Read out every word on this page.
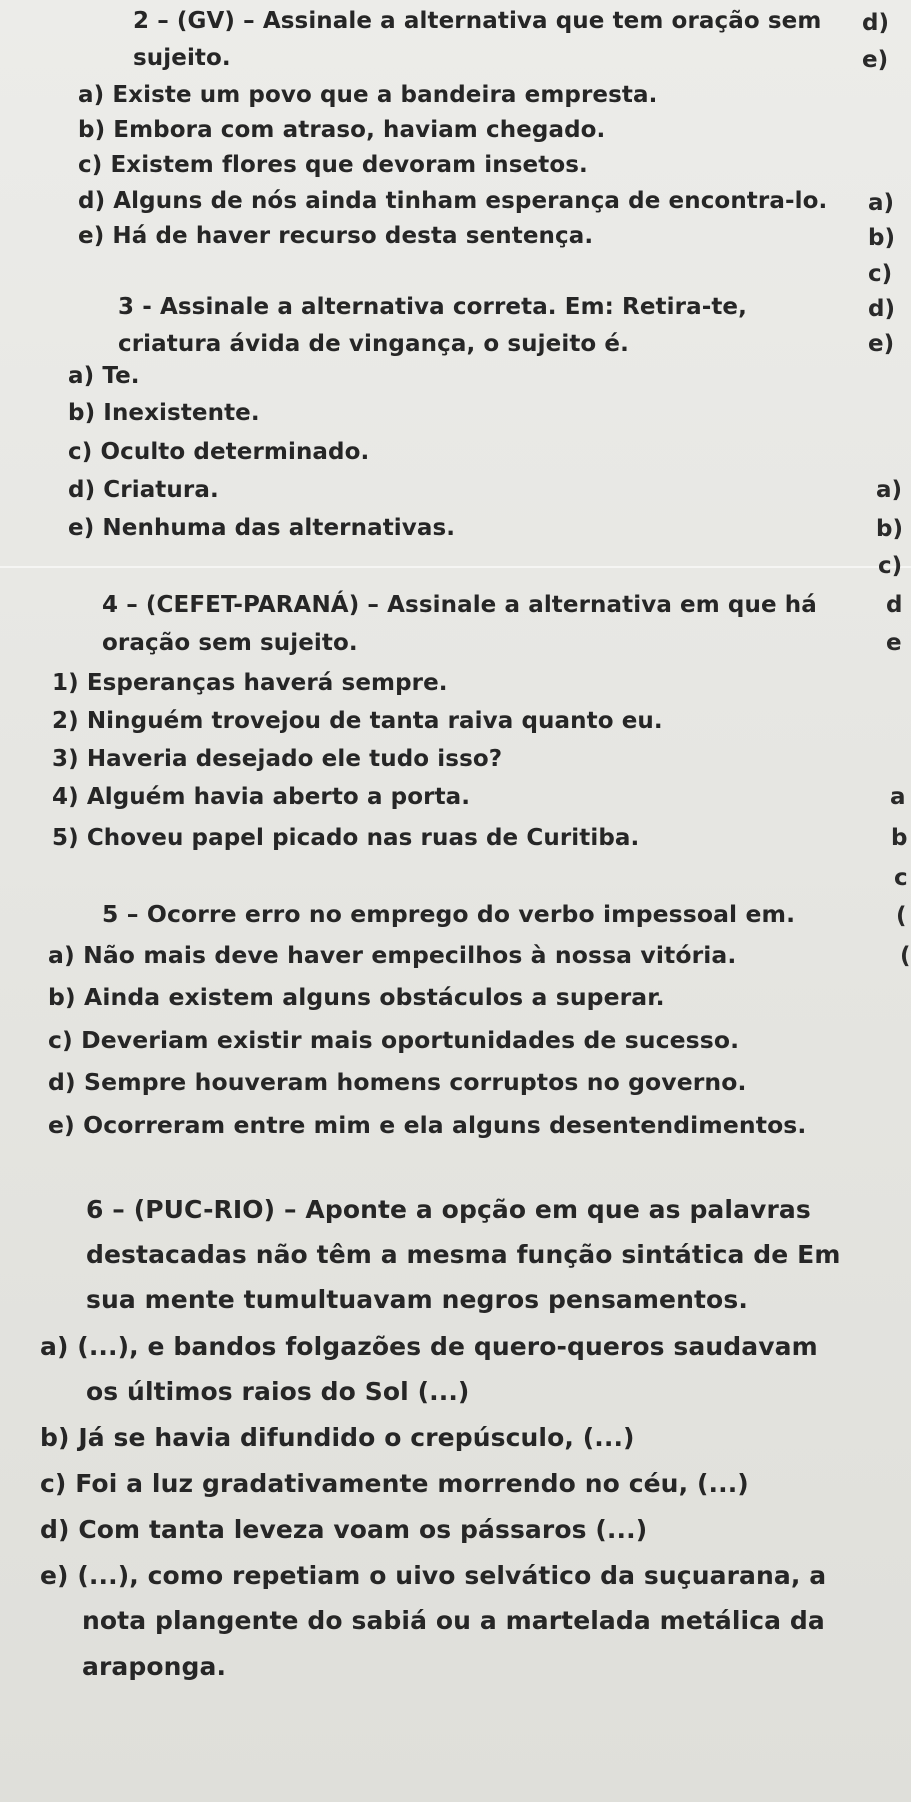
2 – (GV) – Assinale a alternativa que tem oração sem
sujeito.
a) Existe um povo que a bandeira empresta.
b) Embora com atraso, haviam chegado.
c) Existem flores que devoram insetos.
d) Alguns de nós ainda tinham esperança de encontra-lo.
e) Há de haver recurso desta sentença.
3 - Assinale a alternativa correta. Em: Retira-te,
criatura ávida de vingança, o sujeito é.
a) Te.
b) Inexistente.
c) Oculto determinado.
d) Criatura.
e) Nenhuma das alternativas.
4 – (CEFET-PARANÁ) – Assinale a alternativa em que há
oração sem sujeito.
1) Esperanças haverá sempre.
2) Ninguém trovejou de tanta raiva quanto eu.
3) Haveria desejado ele tudo isso?
4) Alguém havia aberto a porta.
5) Choveu papel picado nas ruas de Curitiba.
5 – Ocorre erro no emprego do verbo impessoal em.
a) Não mais deve haver empecilhos à nossa vitória.
b) Ainda existem alguns obstáculos a superar.
c) Deveriam existir mais oportunidades de sucesso.
d) Sempre houveram homens corruptos no governo.
e) Ocorreram entre mim e ela alguns desentendimentos.
6 – (PUC-RIO) – Aponte a opção em que as palavras
destacadas não têm a mesma função sintática de Em
sua mente tumultuavam negros pensamentos.
a) (...), e bandos folgazões de quero-queros saudavam
os últimos raios do Sol (...)
b) Já se havia difundido o crepúsculo, (...)
c) Foi a luz gradativamente morrendo no céu, (...)
d) Com tanta leveza voam os pássaros (...)
e) (...), como repetiam o uivo selvático da suçuarana, a
nota plangente do sabiá ou a martelada metálica da
araponga.
d)
e)
a)
b)
c)
d)
e)
a)
b)
c)
d
e
a
b
c
(
(
